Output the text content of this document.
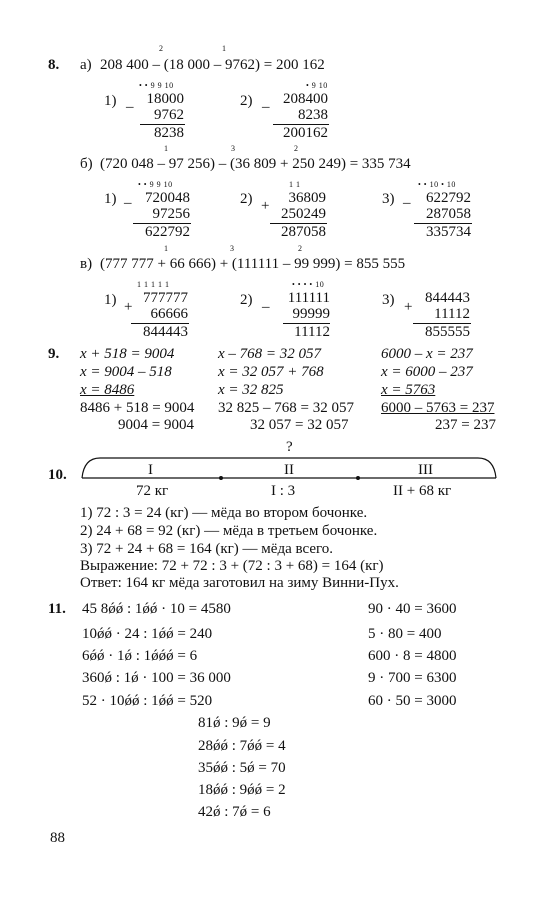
8. а) 208 400 – (18 000 – 9762) = 200 162
2	1
1)
• • 9 9 10
– 18000
9762
8238
2)
• 9 10
– 208400
8238
200162
б) (720 048 – 97 256) – (36 809 + 250 249) = 335 734
1	3	2
1)
• • 9 9 10
– 720048
97256
622792
2)
1 1
+	36809
250249
287058
3)
• • 10 • 10
–	622792
287058
335734
в) (777 777 + 66 666) + (111111 – 99 999) = 855 555
1	3	2
1)
1 1 1 1 1
+
777777
66666
844443
2)
• • • • 10
–
111111
99999
11112
3) +
844443
11112
855555
9. x + 518 = 9004
x = 9004 – 518
x = 8486
8486 + 518 = 9004
9004 = 9004
x – 768 = 32 057
x = 32 057 + 768
x = 32 825
32 825 – 768 = 32 057
32 057 = 32 057
6000 – x = 237
x = 6000 – 237
x = 5763
6000 – 5763 = 237
237 = 237
10.
?
I	II	III
72 кг	I : 3	II + 68 кг
1) 72 : 3 = 24 (кг) — мёда во втором бочонке.
2) 24 + 68 = 92 (кг) — мёда в третьем бочонке.
3) 72 + 24 + 68 = 164 (кг) — мёда всего.
Выражение: 72 + 72 : 3 + (72 : 3 + 68) = 164 (кг)
Ответ: 164 кг мёда заготовил на зиму Винни-Пух.
11. 45 8ǿǿ : 1ǿǿ · 10 = 4580
10ǿǿ · 24 : 1ǿǿ = 240
6ǿǿ · 1ǿ : 1ǿǿǿ = 6
360ǿ : 1ǿ · 100 = 36 000
52 · 10ǿǿ : 1ǿǿ = 520
90 · 40 = 3600
5 · 80 = 400
600 · 8 = 4800
9 · 700 = 6300
60 · 50 = 3000
81ǿ : 9ǿ = 9
28ǿǿ : 7ǿǿ = 4
35ǿǿ : 5ǿ = 70
18ǿǿ : 9ǿǿ = 2
42ǿ : 7ǿ = 6
88
